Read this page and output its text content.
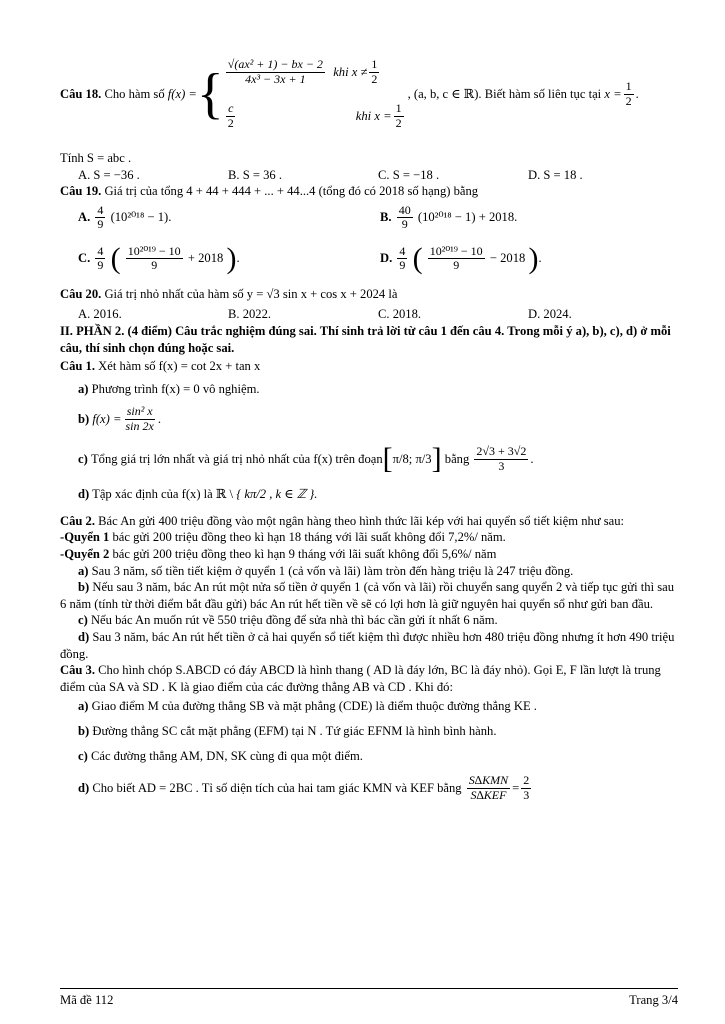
Câu 18.
Cho hàm số
f(x) = { $\frac{\text{√(ax² + 1) − bx − 2}}{\text{4x³ − 3x + 1}}$
khi $x \ne \frac{1}{2}$
$\frac{c}{2}$	khi $x = \frac{1}{2}$
, (a, b, c ∈ ℝ). Biết hàm số liên tục tại
$x = \frac{1}{2}$ .
Tính S = abc .
A. S = −36 .	B. S = 36 .	C. S = −18 .	D. S = 18 .
Câu 19. Giá trị của tổng 4 + 44 + 444 + ... + 44...4 (tổng đó có 2018 số hạng) bằng
A. $\frac{4}{9} (10^{2018} - 1)$.	B. $\frac{40}{9} (10^{2018} - 1) + 2018$.
C. $\frac{4}{9}$ ( $\frac{\text{10²⁰¹⁹ − 10}}{9} + 2018$ ).	D. $\frac{4}{9}$ ( $\frac{\text{10²⁰¹⁹ − 10}}{9} - 2018$ ).
Câu 20. Giá trị nhỏ nhất của hàm số y = √3 sin x + cos x + 2024 là
A. 2016.	B. 2022.	C. 2018.	D. 2024.
II. PHẦN 2. (4 điểm) Câu trắc nghiệm đúng sai. Thí sinh trả lời từ câu 1 đến câu 4. Trong mỗi ý a), b), c), d) ở mỗi câu, thí sinh chọn đúng hoặc sai.
Câu 1. Xét hàm số f(x) = cot 2x + tan x
a) Phương trình f(x) = 0 vô nghiệm.
b)
$f(x) = \frac{\text{sin² x}}{\sin 2x}$ .
c)
Tổng giá trị lớn nhất và giá trị nhỏ nhất của f(x) trên đoạn [ π/8 ; π/3 ]
bằng
$\frac{2√3 + 3√2}{3}$ .
d) Tập xác định của f(x) là ℝ \ { kπ/2 , k ∈ ℤ }.
Câu 2. Bác An gửi 400 triệu đồng vào một ngân hàng theo hình thức lãi kép với hai quyển sổ tiết kiệm như sau:
-Quyển 1 bác gửi 200 triệu đồng theo kì hạn 18 tháng với lãi suất không đổi 7,2%/ năm.
-Quyển 2 bác gửi 200 triệu đồng theo kì hạn 9 tháng với lãi suất không đổi 5,6%/ năm
a) Sau 3 năm, số tiền tiết kiệm ở quyển 1 (cả vốn và lãi) làm tròn đến hàng triệu là 247 triệu đồng.
b) Nếu sau 3 năm, bác An rút một nửa số tiền ở quyển 1 (cả vốn và lãi) rồi chuyển sang quyển 2 và tiếp tục gửi thì sau 6 năm (tính từ thời điểm bắt đầu gửi) bác An rút hết tiền về sẽ có lợi hơn là giữ nguyên hai quyển sổ như gửi ban đầu.
c) Nếu bác An muốn rút về 550 triệu đồng để sửa nhà thì bác cần gửi ít nhất 6 năm.
d) Sau 3 năm, bác An rút hết tiền ở cả hai quyển sổ tiết kiệm thì được nhiều hơn 480 triệu đồng nhưng ít hơn 490 triệu đồng.
Câu 3. Cho hình chóp S.ABCD có đáy ABCD là hình thang ( AD là đáy lớn, BC là đáy nhỏ). Gọi E, F lần lượt là trung điểm của SA và SD . K là giao điểm của các đường thẳng AB và CD . Khi đó:
a) Giao điểm M của đường thẳng SB và mặt phẳng (CDE) là điểm thuộc đường thẳng KE .
b) Đường thẳng SC cắt mặt phẳng (EFM) tại N . Tứ giác EFNM là hình bình hành.
c) Các đường thẳng AM, DN, SK cùng đi qua một điểm.
d)
Cho biết AD = 2BC . Tỉ số diện tích của hai tam giác KMN và KEF bằng
$\frac{\text{S∆KMN}}{\text{S∆KEF}} = \frac{2}{3}$
Mã đề 112	Trang 3/4
